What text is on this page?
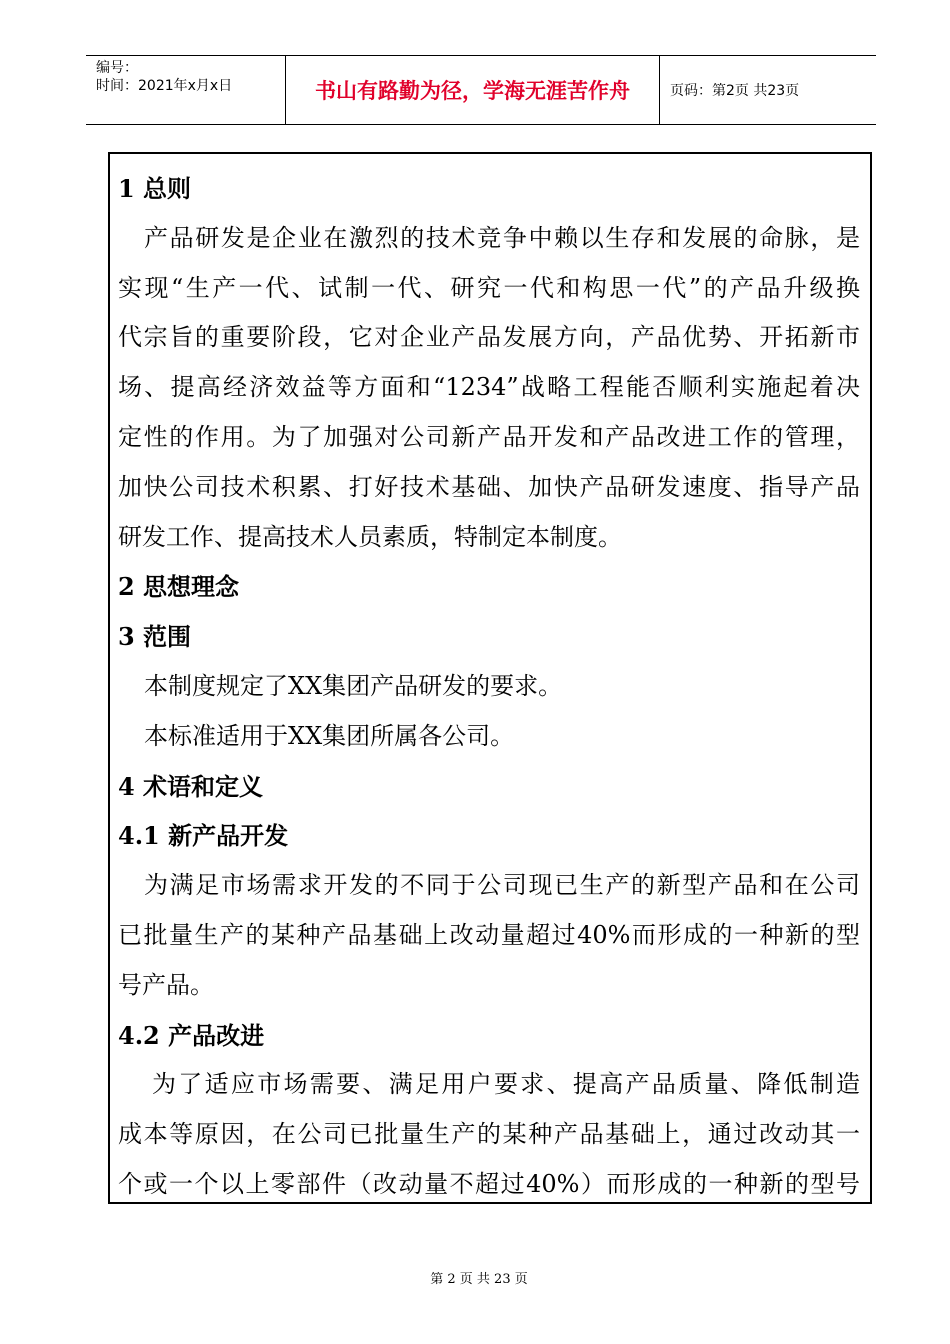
编号：
时间：2021年x月x日	书山有路勤为径，学海无涯苦作舟	页码：第2页 共23页
1 总则
产品研发是企业在激烈的技术竞争中赖以生存和发展的命脉，是
实现“生产一代、试制一代、研究一代和构思一代”的产品升级换
代宗旨的重要阶段，它对企业产品发展方向，产品优势、开拓新市
场、提高经济效益等方面和“1234”战略工程能否顺利实施起着决
定性的作用。为了加强对公司新产品开发和产品改进工作的管理，
加快公司技术积累、打好技术基础、加快产品研发速度、指导产品
研发工作、提高技术人员素质，特制定本制度。
2 思想理念
3 范围
本制度规定了XX集团产品研发的要求。
本标准适用于XX集团所属各公司。
4 术语和定义
4.1 新产品开发
为满足市场需求开发的不同于公司现已生产的新型产品和在公司
已批量生产的某种产品基础上改动量超过40%而形成的一种新的型
号产品。
4.2 产品改进
为了适应市场需要、满足用户要求、提高产品质量、降低制造
成本等原因，在公司已批量生产的某种产品基础上，通过改动其一
个或一个以上零部件（改动量不超过40%）而形成的一种新的型号
第 2 页 共 23 页
